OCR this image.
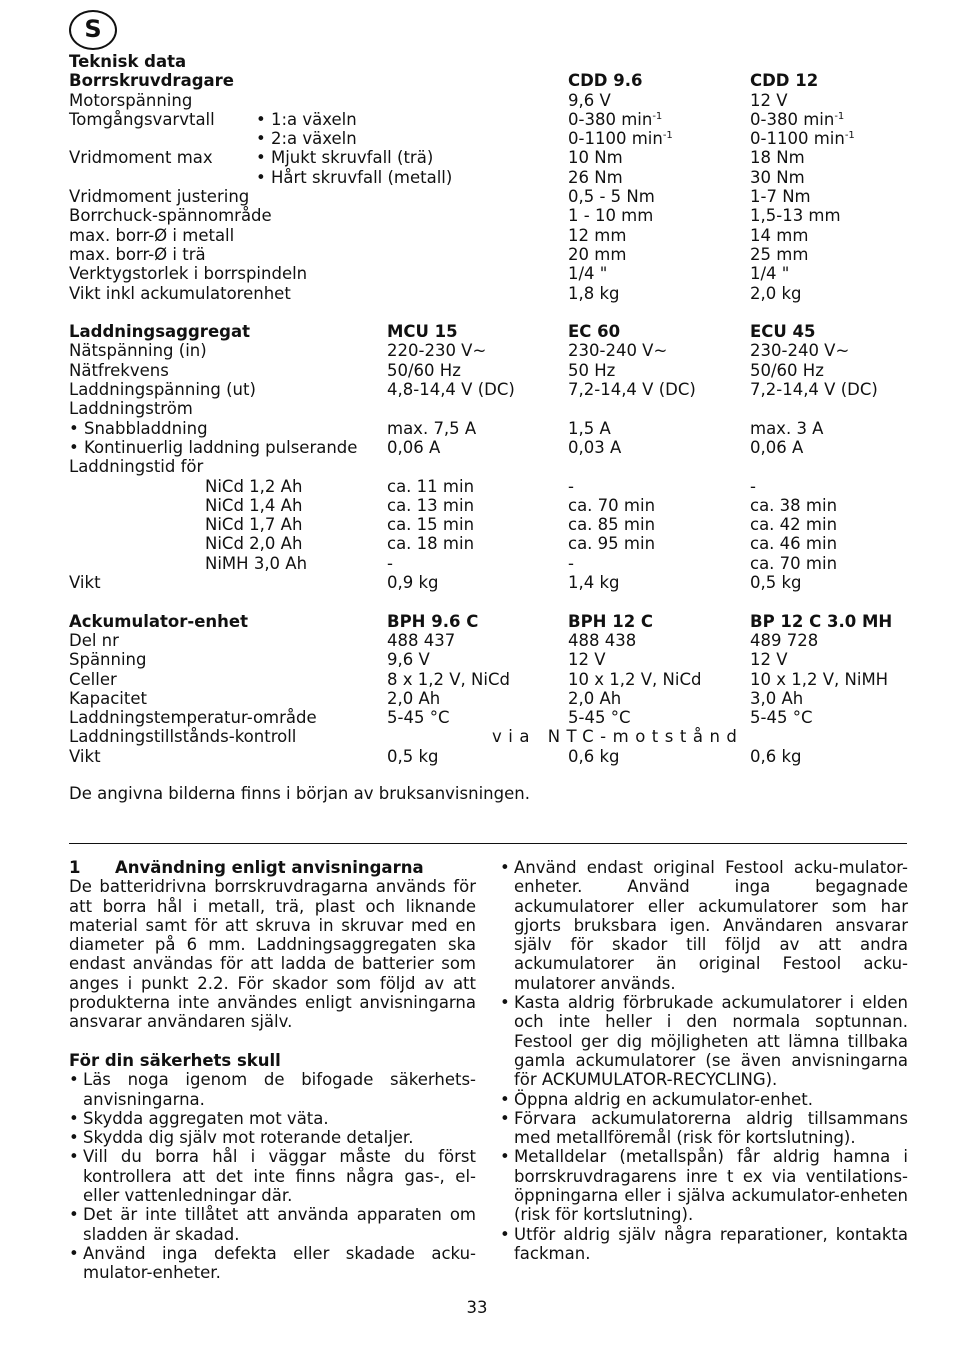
S
Teknisk data
Borrskruvdragare	CDD 9.6	CDD 12
Motorspänning	9,6 V	12 V
Tomgångsvarvtall	• 1:a växeln	0-380 $\min^{-1}$	0-380 $\min^{-1}$
• 2:a växeln	0-1100 $\min^{-1}$	0-1100 $\min^{-1}$
Vridmoment max	• Mjukt skruvfall (trä)	10 Nm	18 Nm
• Hårt skruvfall (metall)	26 Nm	30 Nm
Vridmoment justering	0,5 - 5 Nm	1-7 Nm
Borrchuck-spännområde	1 - 10 mm	1,5-13 mm
max. borr-Ø i metall	12 mm	14 mm
max. borr-Ø i trä	20 mm	25 mm
Verktygstorlek i borrspindeln	1/4 "	1/4 "
Vikt inkl ackumulatorenhet	1,8 kg	2,0 kg
Laddningsaggregat	MCU 15	EC 60	ECU 45
Nätspänning (in)	220-230 V~	230-240 V~	230-240 V~
Nätfrekvens	50/60 Hz	50 Hz	50/60 Hz
Laddningspänning (ut)	4,8-14,4 V (DC)	7,2-14,4 V (DC)	7,2-14,4 V (DC)
Laddningström
• Snabbladdning	max. 7,5 A	1,5 A	max. 3 A
• Kontinuerlig laddning pulserande 0,06 A	0,03 A	0,06 A
Laddningstid för
NiCd 1,2 Ah	ca. 11 min	-	-
NiCd 1,4 Ah	ca. 13 min	ca. 70 min	ca. 38 min
NiCd 1,7 Ah	ca. 15 min	ca. 85 min	ca. 42 min
NiCd 2,0 Ah	ca. 18 min	ca. 95 min	ca. 46 min
NiMH 3,0 Ah	-	-	ca. 70 min
Vikt	0,9 kg	1,4 kg	0,5 kg
Ackumulator-enhet	BPH 9.6 C	BPH 12 C	BP 12 C 3.0 MH
Del nr	488 437	488 438	489 728
Spänning	9,6 V	12 V	12 V
Celler	8 x 1,2 V, NiCd	10 x 1,2 V, NiCd	10 x 1,2 V, NiMH
Kapacitet	2,0 Ah	2,0 Ah	3,0 Ah
Laddningstemperatur-område	5-45 °C	5-45 °C	5-45 °C
Laddningstillstånds-kontroll	via NTC-motstånd
Vikt	0,5 kg	0,6 kg	0,6 kg
De angivna bilderna finns i början av bruksanvisningen.
1 Användning enligt anvisningarna

De batteridrivna borrskruvdragarna används för att borra hål i metall, trä, plast och liknande material samt för att skruva in skruvar med en diameter på 6 mm. Laddningsaggregaten ska endast användas för att ladda de batterier som anges i punkt 2.2. För skador som följd av att produkterna inte användes enligt anvisningarna ansvarar användaren själv.

För din säkerhets skull
• Läs noga igenom de bifogade säkerhets-anvisningarna.
• Skydda aggregaten mot väta.
• Skydda dig själv mot roterande detaljer.
• Vill du borra hål i väggar måste du först kontrollera att det inte finns några gas-, el- eller vattenledningar där.
• Det är inte tillåtet att använda apparaten om sladden är skadad.
• Använd inga defekta eller skadade acku-mulator-enheter.
• Använd endast original Festool acku-mulator-enheter. Använd inga begagnade ackumulatorer eller ackumulatorer som har gjorts bruksbara igen. Användaren ansvarar själv för skador till följd av att andra ackumulatorer än original Festool acku-mulatorer används.
• Kasta aldrig förbrukade ackumulatorer i elden och inte heller i den normala soptunnan. Festool ger dig möjligheten att lämna tillbaka gamla ackumulatorer (se även anvisningarna för ACKUMULATOR-RECYCLING).
• Öppna aldrig en ackumulator-enhet.
• Förvara ackumulatorerna aldrig tillsammans med metallföremål (risk för kortslutning).
• Metalldelar (metallspån) får aldrig hamna i borrskruvdragarens inre t ex via ventilations-öppningarna eller i själva ackumulator-enheten (risk för kortslutning).
• Utför aldrig själv några reparationer, kontakta fackman.
33
